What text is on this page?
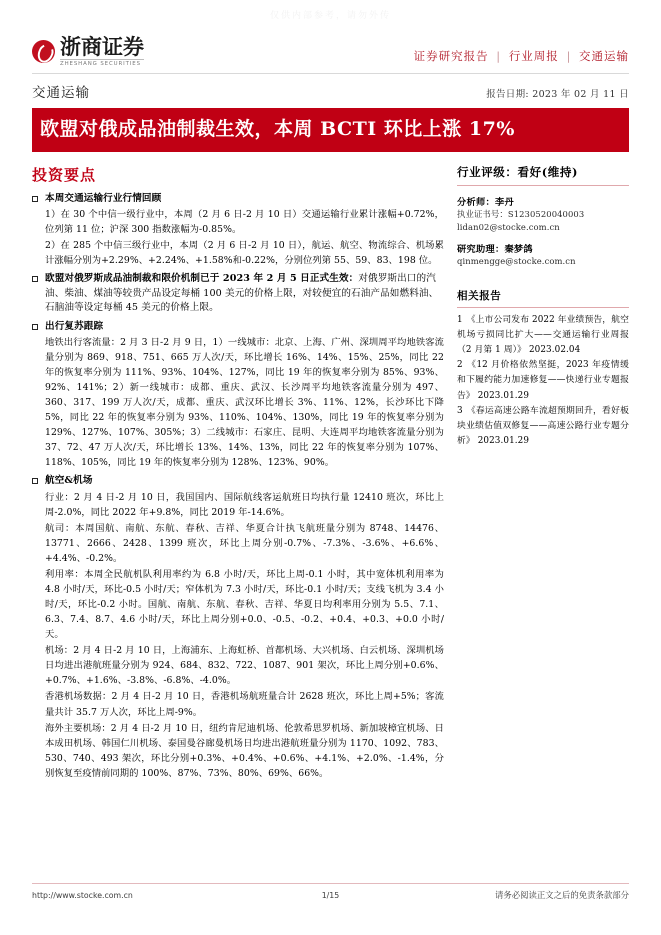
仅供内部参考，请勿外传
浙商证券
ZHESHANG SECURITIES
证券研究报告 | 行业周报 | 交通运输
交通运输	报告日期: 2023 年 02 月 11 日
欧盟对俄成品油制裁生效，本周 BCTI 环比上涨 17%
投资要点
本周交通运输行业行情回顾
1）在 30 个中信一级行业中，本周（2 月 6 日-2 月 10 日）交通运输行业累计涨幅+0.72%，位列第 11 位；沪深 300 指数涨幅为-0.85%。
2）在 285 个中信三级行业中，本周（2 月 6 日-2 月 10 日），航运、航空、物流综合、机场累计涨幅分别为+2.29%、+2.24%、+1.58%和-0.22%，分别位列第 55、59、83、198 位。
欧盟对俄罗斯成品油制裁和限价机制已于 2023 年 2 月 5 日正式生效：对俄罗斯出口的汽油、柴油、煤油等较贵产品设定每桶 100 美元的价格上限，对较便宜的石油产品如燃料油、石脑油等设定每桶 45 美元的价格上限。
出行复苏跟踪
地铁出行客流量：2 月 3 日-2 月 9 日，1）一线城市：北京、上海、广州、深圳周平均地铁客流量分别为 869、918、751、665 万人次/天，环比增长 16%、14%、15%、25%，同比 22 年的恢复率分别为 111%、93%、104%、127%，同比 19 年的恢复率分别为 85%、93%、92%、141%；2）新一线城市：成都、重庆、武汉、长沙周平均地铁客流量分别为 497、360、317、199 万人次/天，成都、重庆、武汉环比增长 3%、11%、12%，长沙环比下降 5%，同比 22 年的恢复率分别为 93%、110%、104%、130%，同比 19 年的恢复率分别为 129%、127%、107%、305%；3）二线城市：石家庄、昆明、大连周平均地铁客流量分别为 37、72、47 万人次/天，环比增长 13%、14%、13%，同比 22 年的恢复率分别为 107%、118%、105%，同比 19 年的恢复率分别为 128%、123%、90%。
航空&机场
行业：2 月 4 日-2 月 10 日，我国国内、国际航线客运航班日均执行量 12410 班次，环比上周-2.0%，同比 2022 年+9.8%，同比 2019 年-14.6%。
航司：本周国航、南航、东航、春秋、吉祥、华夏合计执飞航班量分别为 8748、14476、13771、2666、2428、1399 班次，环比上周分别-0.7%、-7.3%、-3.6%、+6.6%、+4.4%、-0.2%。
利用率：本周全民航机队利用率约为 6.8 小时/天，环比上周-0.1 小时，其中宽体机利用率为 4.8 小时/天，环比-0.5 小时/天；窄体机为 7.3 小时/天，环比-0.1 小时/天；支线飞机为 3.4 小时/天，环比-0.2 小时。国航、南航、东航、春秋、吉祥、华夏日均利率用分别为 5.5、7.1、6.3、7.4、8.7、4.6 小时/天，环比上周分别+0.0、-0.5、-0.2、+0.4、+0.3、+0.0 小时/天。
机场：2 月 4 日-2 月 10 日，上海浦东、上海虹桥、首都机场、大兴机场、白云机场、深圳机场日均进出港航班量分别为 924、684、832、722、1087、901 架次，环比上周分别+0.6%、+0.7%、+1.6%、-3.8%、-6.8%、-4.0%。
香港机场数据：2 月 4 日-2 月 10 日，香港机场航班量合计 2628 班次，环比上周+5%；客流量共计 35.7 万人次，环比上周-9%。
海外主要机场：2 月 4 日-2 月 10 日，纽约肯尼迪机场、伦敦希思罗机场、新加坡樟宜机场、日本成田机场、韩国仁川机场、泰国曼谷廊曼机场日均进出港航班量分别为 1170、1092、783、530、740、493 架次，环比分别+0.3%、+0.4%、+0.6%、+4.1%、+2.0%、-1.4%，分别恢复至疫情前同期的 100%、87%、73%、80%、69%、66%。
行业评级：看好(维持)
分析师：李丹
执业证书号：S1230520040003
lidan02@stocke.com.cn
研究助理：秦梦鸽
qinmengge@stocke.com.cn
相关报告
1 《上市公司发布 2022 年业绩预告，航空机场亏损同比扩大——交通运输行业周报（2 月第 1 周）》 2023.02.04
2 《12 月价格依然坚挺，2023 年疫情缓和下履约能力加速修复——快递行业专题报告》 2023.01.29
3 《春运高速公路车流超预期回升，看好板块业绩估值双修复——高速公路行业专题分析》 2023.01.29
http://www.stocke.com.cn	1/15	请务必阅读正文之后的免责条款部分
